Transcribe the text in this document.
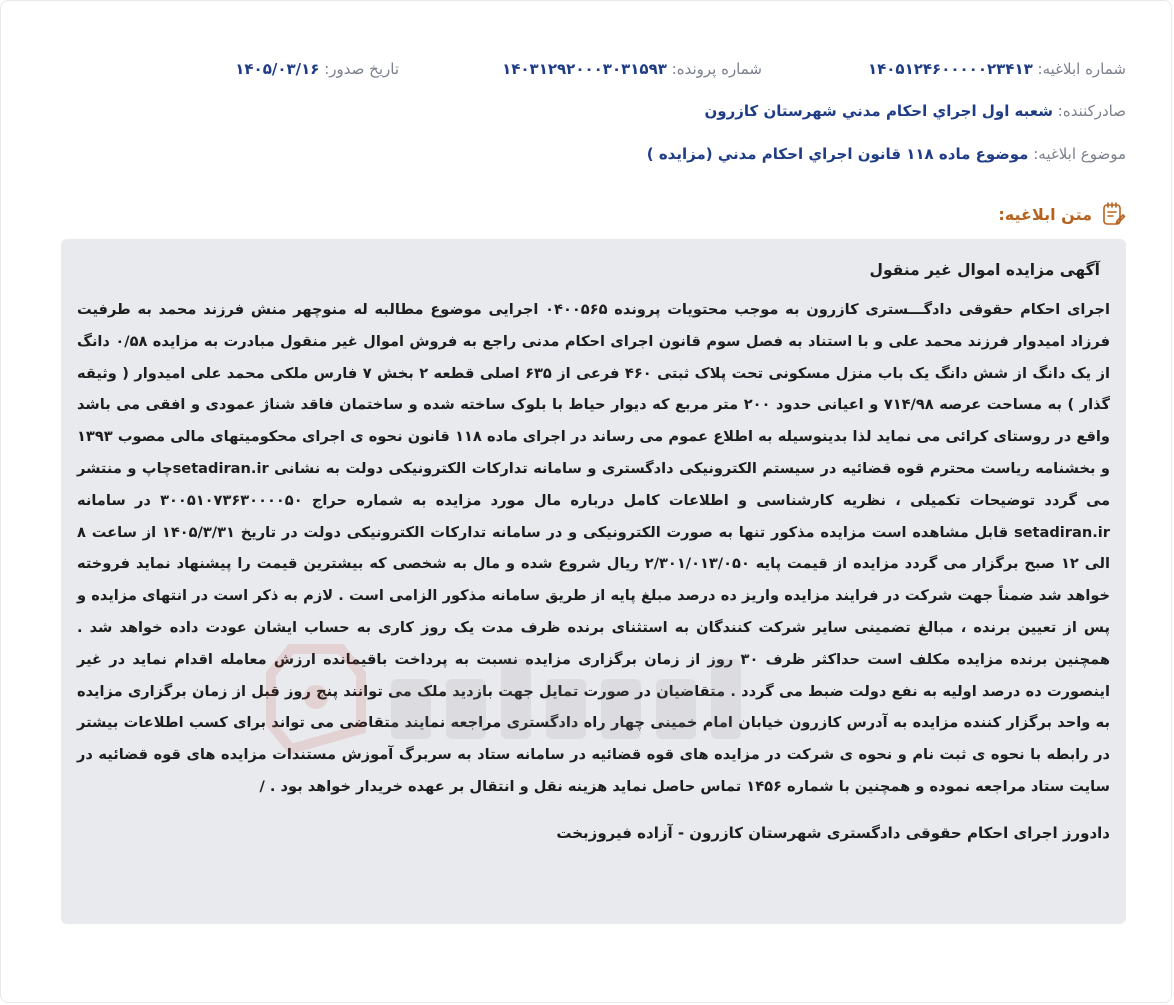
شماره ابلاغيه: ۱۴۰۵۱۲۴۶۰۰۰۰۰۲۳۴۱۳
شماره پرونده: ۱۴۰۳۱۲۹۲۰۰۰۳۰۳۱۵۹۳
تاريخ صدور: ۱۴۰۵/۰۳/۱۶
صادرکننده: شعبه اول اجراي احكام مدني شهرستان كازرون
موضوع ابلاغيه: موضوع ماده ۱۱۸ قانون اجراي احكام مدني (مزايده )
متن ابلاغيه:
آگهی مزایده اموال غیر منقول
اجرای احکام حقوقی دادگـــستری کازرون به موجب محتویات پرونده ۰۴۰۰۵۶۵ اجرایی موضوع مطالبه له منوچهر منش فرزند محمد به طرفیت فرزاد امیدوار فرزند محمد علی و با استناد به فصل سوم قانون اجرای احکام مدنی راجع به فروش اموال غیر منقول مبادرت به مزایده ۰/۵۸ دانگ از یک دانگ از شش دانگ یک باب منزل مسکونی تحت پلاک ثبتی ۴۶۰ فرعی از ۶۳۵ اصلی قطعه ۲ بخش ۷ فارس ملکی محمد علی امیدوار ( وثیقه گذار ) به مساحت عرصه ۷۱۴/۹۸ و اعیانی حدود ۲۰۰ متر مربع که دیوار حیاط با بلوک ساخته شده و ساختمان فاقد شناژ عمودی و افقی می باشد واقع در روستای کرائی می نماید لذا بدینوسیله به اطلاع عموم می رساند در اجرای ماده ۱۱۸ قانون نحوه ی اجرای محکومیتهای مالی مصوب ۱۳۹۳ و بخشنامه ریاست محترم قوه قضائیه در سیستم الکترونیکی دادگستری و سامانه تدارکات الکترونیکی دولت به نشانی setadiran.irچاپ و منتشر می گردد توضیحات تکمیلی ، نظریه کارشناسی و اطلاعات کامل درباره مال مورد مزایده به شماره حراج ۳۰۰۵۱۰۷۳۶۳۰۰۰۰۵۰ در سامانه setadiran.ir قابل مشاهده است مزایده مذکور تنها به صورت الکترونیکی و در سامانه تدارکات الکترونیکی دولت در تاریخ ۱۴۰۵/۳/۳۱ از ساعت ۸ الی ۱۲ صبح برگزار می گردد مزایده از قیمت پایه ۲/۳۰۱/۰۱۳/۰۵۰ ریال شروع شده و مال به شخصی که بیشترین قیمت را پیشنهاد نماید فروخته خواهد شد ضمناً جهت شرکت در فرایند مزایده واریز ده درصد مبلغ پایه از طریق سامانه مذکور الزامی است . لازم به ذکر است در انتهای مزایده و پس از تعیین برنده ، مبالغ تضمینی سایر شرکت کنندگان به استثنای برنده ظرف مدت یک روز کاری به حساب ایشان عودت داده خواهد شد . همچنین برنده مزایده مکلف است حداکثر ظرف ۳۰ روز از زمان برگزاری مزایده نسبت به پرداخت باقیمانده ارزش معامله اقدام نماید در غیر اینصورت ده درصد اولیه به نفع دولت ضبط می گردد . متقاضیان در صورت تمایل جهت بازدید ملک می توانند پنج روز قبل از زمان برگزاری مزایده به واحد برگزار کننده مزایده به آدرس کازرون خیابان امام خمینی چهار راه دادگستری مراجعه نمایند متقاضی می تواند برای کسب اطلاعات بیشتر در رابطه با نحوه ی ثبت نام و نحوه ی شرکت در مزایده های قوه قضائیه در سامانه ستاد به سربرگ آموزش مستندات مزایده های قوه قضائیه در سایت ستاد مراجعه نموده و همچنین با شماره ۱۴۵۶ تماس حاصل نماید هزینه نقل و انتقال بر عهده خریدار خواهد بود . /
دادورز اجرای احکام حقوقی دادگستری شهرستان کازرون - آزاده فیروزبخت
